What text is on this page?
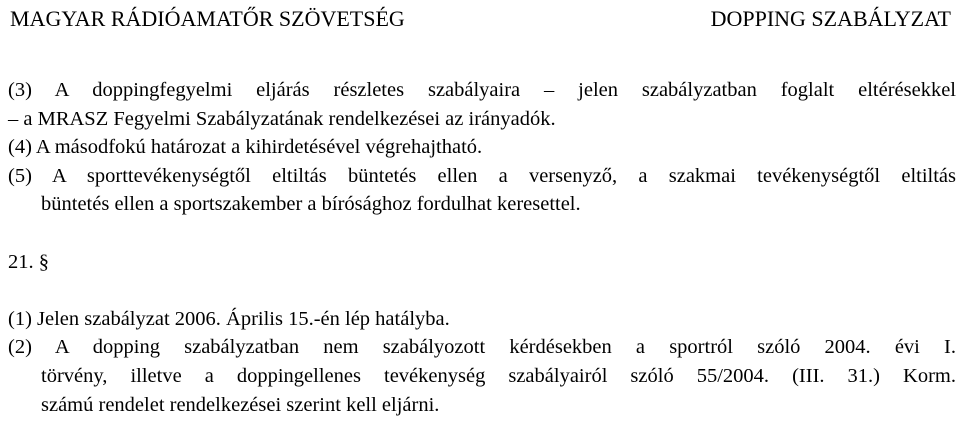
MAGYAR RÁDIÓAMATŐR SZÖVETSÉG	DOPPING SZABÁLYZAT
(3) A doppingfegyelmi eljárás részletes szabályaira – jelen szabályzatban foglalt eltérésekkel
– a MRASZ Fegyelmi Szabályzatának rendelkezései az irányadók.
(4) A másodfokú határozat a kihirdetésével végrehajtható.
(5) A sporttevékenységtől eltiltás büntetés ellen a versenyző, a szakmai tevékenységtől eltiltás
büntetés ellen a sportszakember a bírósághoz fordulhat keresettel.
21. §
(1) Jelen szabályzat 2006. Április 15.-én lép hatályba.
(2) A dopping szabályzatban nem szabályozott kérdésekben a sportról szóló 2004. évi I.
törvény, illetve a doppingellenes tevékenység szabályairól szóló 55/2004. (III. 31.) Korm.
számú rendelet rendelkezései szerint kell eljárni.
